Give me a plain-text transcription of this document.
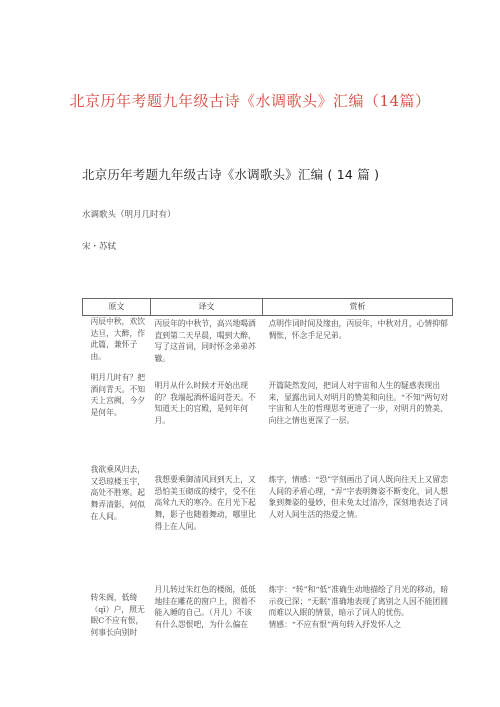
北京历年考题九年级古诗《水调歌头》汇编（14篇）
北京历年考题九年级古诗《水调歌头》汇编 ( 14 篇 )
水调歌头（明月几时有）
宋・苏轼
原文	译文	赏析
丙辰中秋，欢饮达旦，大醉，作此篇，兼怀子由。	丙辰年的中秋节，高兴地喝酒直到第二天早晨，喝到大醉，写了这首词，同时怀念弟弟苏辙。	点明作词时间及缘由，丙辰年，中秋对月，心情抑郁惆怅，怀念手足兄弟。
明月几时有？把酒问青天。不知天上宫阙，今夕是何年。	明月从什么时候才开始出现的？我端起酒杯遥问苍天。不知道天上的宫殿，是何年何月。	开篇陡然发问，把词人对宇宙和人生的疑惑表现出来，显露出词人对明月的赞美和向往。“不知”两句对宇宙和人生的哲理思考更进了一步，对明月的赞美、向往之情也更深了一层。
我欲乘风归去，又恐琼楼玉宇，高处不胜寒。起舞弄清影，何似在人间。	我想要乘御清风回到天上，又恐怕美玉砌成的楼宇，受不住高耸九天的寒冷。在月光下起舞，影子也随着舞动，哪里比得上在人间。	炼字，情感：“恐”字刻画出了词人既向往天上又留恋人间的矛盾心理，“弄”字表明舞姿不断变化，词人想象到舞姿的曼妙，但未免太过清冷，深刻地表达了词人对人间生活的热爱之情。
转朱阁，低绮（qǐ）户，照无眠C不应有恨，何事长向别时	月儿转过朱红色的楼阁，低低地挂在雕花的窗户上，照着不能入睡的自己。（月儿）不该有什么怨恨吧，为什么偏在	炼字：“转”和“低”准确生动地描绘了月光的移动，暗示夜已深；“无眠”准确地表现了离别之人因不能团圆而难以入眠的情景，暗示了词人的忧伤。
情感：“不应有恨”两句转入抒发怀人之
